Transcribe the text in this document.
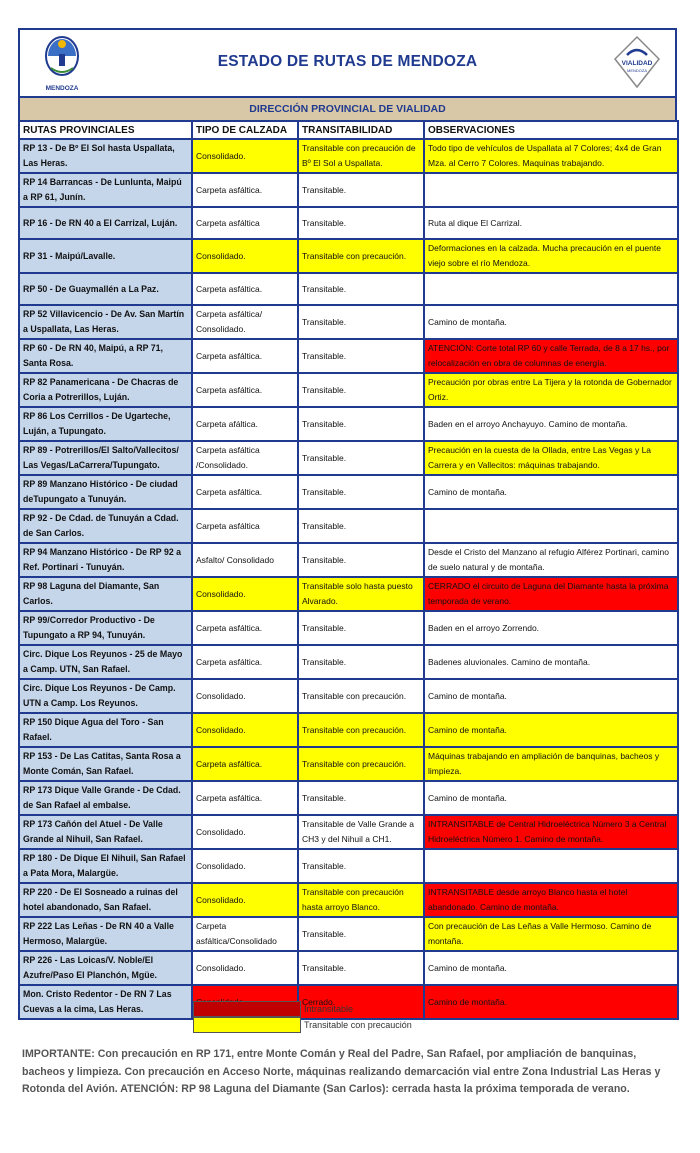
MENDOZA
ESTADO DE RUTAS DE MENDOZA	VIALIDAD
MENDOZA
DIRECCIÓN PROVINCIAL DE VIALIDAD
RUTAS PROVINCIALES	TIPO DE CALZADA	TRANSITABILIDAD	OBSERVACIONES
RP 13 - De Bº El Sol hasta Uspallata, Las Heras.	Consolidado.	Transitable con precaución de Bº El Sol a Uspallata.	Todo tipo de vehículos de Uspallata al 7 Colores; 4x4 de Gran Mza. al Cerro 7 Colores. Maquinas trabajando.
RP 14 Barrancas - De Lunlunta, Maipú a RP 61, Junín.	Carpeta asfáltica.	Transitable.	
RP 16 - De RN 40 a El Carrizal, Luján.	Carpeta asfáltica	Transitable.	Ruta al dique El Carrizal.
RP 31 - Maipú/Lavalle.	Consolidado.	Transitable con precaución.	Deformaciones en la calzada. Mucha precaución en el puente viejo sobre el río Mendoza.
RP 50 - De Guaymallén a La Paz.	Carpeta asfáltica.	Transitable.	
RP 52 Villavicencio - De Av. San Martín a Uspallata, Las Heras.	Carpeta asfáltica/ Consolidado.	Transitable.	Camino de montaña.
RP 60 - De RN 40, Maipú, a RP 71, Santa Rosa.	Carpeta asfáltica.	Transitable.	ATENCIÓN: Corte total RP 60 y calle Terrada, de 8 a 17 hs., por relocalización en obra de columnas de energía.
RP 82 Panamericana - De Chacras de Coria a Potrerillos, Luján.	Carpeta asfáltica.	Transitable.	Precaución por obras entre La Tijera y la rotonda de Gobernador Ortiz.
RP 86 Los Cerrillos - De Ugarteche, Luján, a Tupungato.	Carpeta afáltica.	Transitable.	Baden en el arroyo Anchayuyo. Camino de montaña.
RP 89 - Potrerillos/El Salto/Vallecitos/ Las Vegas/LaCarrera/Tupungato.	Carpeta asfáltica /Consolidado.	Transitable.	Precaución en la cuesta de la Ollada, entre Las Vegas y La Carrera y en Vallecitos: máquinas trabajando.
RP 89 Manzano Histórico - De ciudad deTupungato a Tunuyán.	Carpeta asfáltica.	Transitable.	Camino de montaña.
RP 92 - De Cdad. de Tunuyán a Cdad. de San Carlos.	Carpeta asfáltica	Transitable.	
RP 94 Manzano Histórico - De RP 92 a Ref. Portinari - Tunuyán.	Asfalto/ Consolidado	Transitable.	Desde el Cristo del Manzano al refugio Alférez Portinari, camino de suelo natural y de montaña.
RP 98 Laguna del Diamante, San Carlos.	Consolidado.	Transitable solo hasta puesto Alvarado.	CERRADO el circuito de Laguna del Diamante hasta la próxima temporada de verano.
RP 99/Corredor Productivo - De Tupungato a RP 94, Tunuyán.	Carpeta asfáltica.	Transitable.	Baden en el arroyo Zorrendo.
Circ. Dique Los Reyunos - 25 de Mayo a Camp. UTN, San Rafael.	Carpeta asfáltica.	Transitable.	Badenes aluvionales. Camino de montaña.
Circ. Dique Los Reyunos - De Camp. UTN a Camp. Los Reyunos.	Consolidado.	Transitable con precaución.	Camino de montaña.
RP 150 Dique Agua del Toro - San Rafael.	Consolidado.	Transitable con precaución.	Camino de montaña.
RP 153 - De Las Catitas, Santa Rosa a Monte Comán, San Rafael.	Carpeta asfáltica.	Transitable con precaución.	Máquinas trabajando en ampliación de banquinas, bacheos y limpieza.
RP 173 Dique Valle Grande - De Cdad. de San Rafael al embalse.	Carpeta asfáltica.	Transitable.	Camino de montaña.
RP 173 Cañón del Atuel - De Valle Grande al Nihuil, San Rafael.	Consolidado.	Transitable de Valle Grande a CH3 y del Nihuil a CH1.	INTRANSITABLE de Central Hidroeléctrica Número 3 a Central Hidroeléctrica Número 1. Camino de montaña.
RP 180 - De Dique El Nihuil, San Rafael a Pata Mora, Malargüe.	Consolidado.	Transitable.	
RP 220 - De El Sosneado a ruinas del hotel abandonado, San Rafael.	Consolidado.	Transitable con precaución hasta arroyo Blanco.	INTRANSITABLE desde arroyo Blanco hasta el hotel abandonado. Camino de montaña.
RP 222 Las Leñas - De RN 40 a Valle Hermoso, Malargüe.	Carpeta asfáltica/Consolidado	Transitable.	Con precaución de Las Leñas a Valle Hermoso. Camino de montaña.
RP 226 - Las Loicas/V. Noble/El Azufre/Paso El Planchón, Mgüe.	Consolidado.	Transitable.	Camino de montaña.
Mon. Cristo Redentor - De RN 7 Las Cuevas a la cima, Las Heras.		Cerrado.	Camino de montaña.
Intransitable
Transitable con precaución
IMPORTANTE: Con precaución en RP 171, entre Monte Comán y Real del Padre, San Rafael, por ampliación de banquinas, bacheos y limpieza. Con precaución en Acceso Norte, máquinas realizando demarcación vial entre Zona Industrial Las Heras y Rotonda del Avión. ATENCIÓN: RP 98 Laguna del Diamante (San Carlos): cerrada hasta la próxima temporada de verano.
